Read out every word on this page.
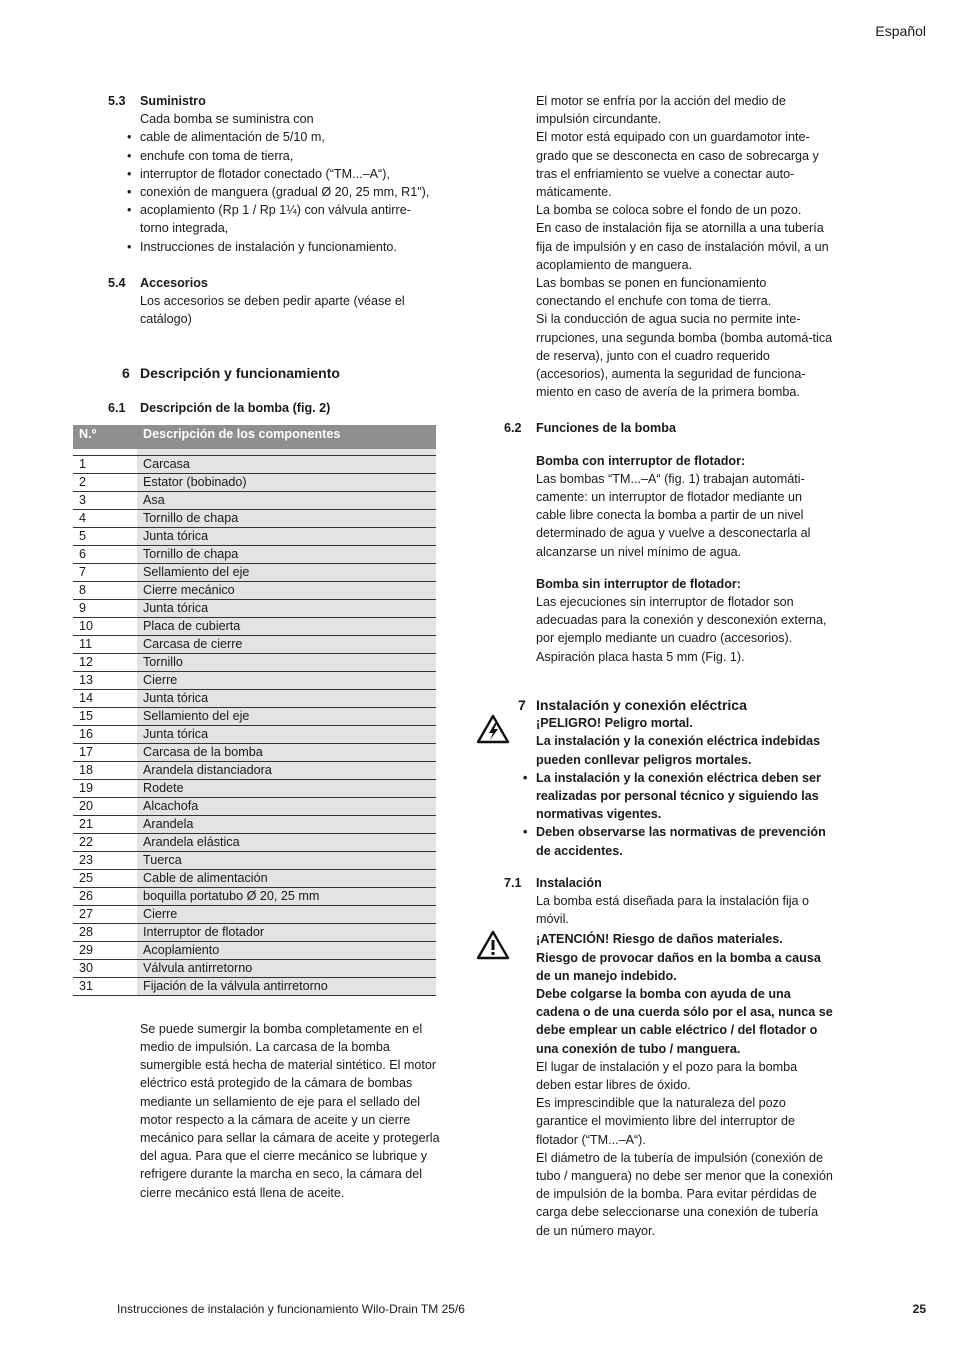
Español
5.3	Suministro
Cada bomba se suministra con
• cable de alimentación de 5/10 m,
• enchufe con toma de tierra,
• interruptor de flotador conectado (“TM...–A“),
• conexión de manguera (gradual Ø 20, 25 mm, R1"),
• acoplamiento (Rp 1 / Rp 1¼) con válvula antirre-torno integrada,
• Instrucciones de instalación y funcionamiento.
5.4	Accesorios
Los accesorios se deben pedir aparte (véase el catálogo)
6 Descripción y funcionamiento
6.1	Descripción de la bomba (fig. 2)
N.º	Descripción de los componentes

1	Carcasa
2	Estator (bobinado)
3	Asa
4	Tornillo de chapa
5	Junta tórica
6	Tornillo de chapa
7	Sellamiento del eje
8	Cierre mecánico
9	Junta tórica
10	Placa de cubierta
11	Carcasa de cierre
12	Tornillo
13	Cierre
14	Junta tórica
15	Sellamiento del eje
16	Junta tórica
17	Carcasa de la bomba
18	Arandela distanciadora
19	Rodete
20	Alcachofa
21	Arandela
22	Arandela elástica
23	Tuerca
25	Cable de alimentación
26	boquilla portatubo Ø 20, 25 mm
27	Cierre
28	Interruptor de flotador
29	Acoplamiento
30	Válvula antirretorno
31	Fijación de la válvula antirretorno

Se puede sumergir la bomba completamente en el medio de impulsión. La carcasa de la bomba sumergible está hecha de material sintético. El motor eléctrico está protegido de la cámara de bombas mediante un sellamiento de eje para el sellado del motor respecto a la cámara de aceite y un cierre mecánico para sellar la cámara de aceite y protegerla del agua. Para que el cierre mecánico se lubrique y refrigere durante la marcha en seco, la cámara del cierre mecánico está llena de aceite.

El motor se enfría por la acción del medio de impulsión circundante.

El motor está equipado con un guardamotor inte-grado que se desconecta en caso de sobrecarga y tras el enfriamiento se vuelve a conectar auto-máticamente.

La bomba se coloca sobre el fondo de un pozo.

En caso de instalación fija se atornilla a una tubería fija de impulsión y en caso de instalación móvil, a un acoplamiento de manguera.

Las bombas se ponen en funcionamiento conectando el enchufe con toma de tierra.

Si la conducción de agua sucia no permite inte-rrupciones, una segunda bomba (bomba automá-tica de reserva), junto con el cuadro requerido (accesorios), aumenta la seguridad de funciona-miento en caso de avería de la primera bomba.

6.2	Funciones de la bomba
Bomba con interruptor de flotador:

Las bombas “TM...–A“ (fig. 1) trabajan automáti-camente: un interruptor de flotador mediante un cable libre conecta la bomba a partir de un nivel determinado de agua y vuelve a desconectarla al alcanzarse un nivel mínimo de agua.

Bomba sin interruptor de flotador:

Las ejecuciones sin interruptor de flotador son adecuadas para la conexión y desconexión externa, por ejemplo mediante un cuadro (accesorios). Aspiración placa hasta 5 mm (Fig. 1).

7 Instalación y conexión eléctrica
¡PELIGRO! Peligro mortal.
La instalación y la conexión eléctrica indebidas pueden conllevar peligros mortales.
• La instalación y la conexión eléctrica deben ser realizadas por personal técnico y siguiendo las normativas vigentes.
• Deben observarse las normativas de prevención de accidentes.
7.1	Instalación

La bomba está diseñada para la instalación fija o móvil.

¡ATENCIÓN! Riesgo de daños materiales.
Riesgo de provocar daños en la bomba a causa de un manejo indebido.
Debe colgarse la bomba con ayuda de una cadena o de una cuerda sólo por el asa, nunca se debe emplear un cable eléctrico / del flotador o una conexión de tubo / manguera.

El lugar de instalación y el pozo para la bomba deben estar libres de óxido.

Es imprescindible que la naturaleza del pozo garantice el movimiento libre del interruptor de flotador (“TM...–A“).

El diámetro de la tubería de impulsión (conexión de tubo / manguera) no debe ser menor que la conexión de impulsión de la bomba. Para evitar pérdidas de carga debe seleccionarse una conexión de tubería de un número mayor.

Instrucciones de instalación y funcionamiento Wilo-Drain TM 25/6	25
